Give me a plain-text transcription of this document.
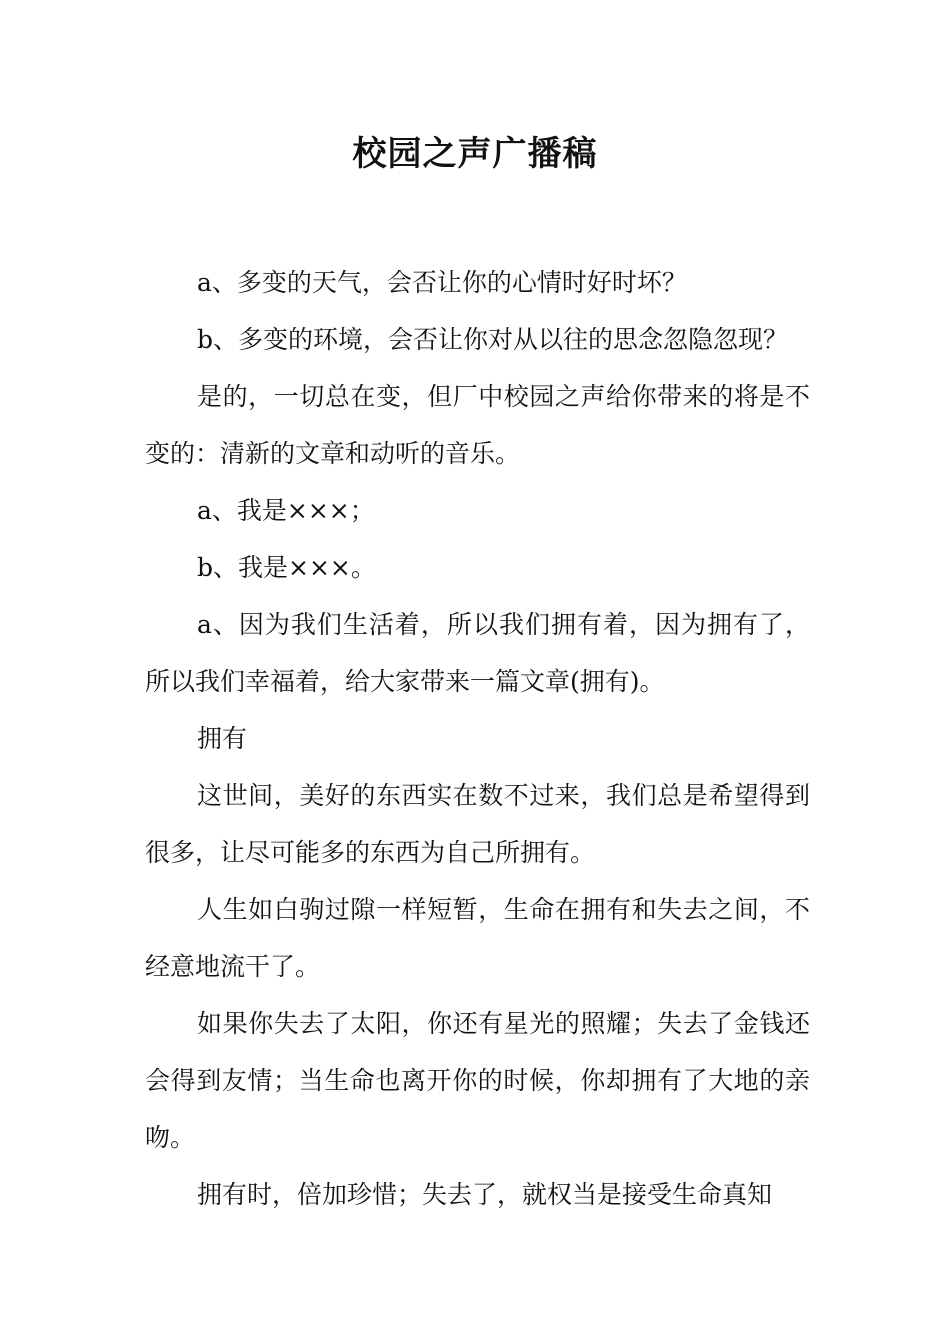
校园之声广播稿

a、多变的天气，会否让你的心情时好时坏？

b、多变的环境，会否让你对从以往的思念忽隐忽现？

是的，一切总在变，但厂中校园之声给你带来的将是不变的：清新的文章和动听的音乐。

a、我是×××；

b、我是×××。

a、因为我们生活着，所以我们拥有着，因为拥有了，所以我们幸福着，给大家带来一篇文章(拥有)。

拥有

这世间，美好的东西实在数不过来，我们总是希望得到很多，让尽可能多的东西为自己所拥有。

人生如白驹过隙一样短暂，生命在拥有和失去之间，不经意地流干了。

如果你失去了太阳，你还有星光的照耀；失去了金钱还会得到友情；当生命也离开你的时候，你却拥有了大地的亲吻。

拥有时，倍加珍惜；失去了，就权当是接受生命真知
